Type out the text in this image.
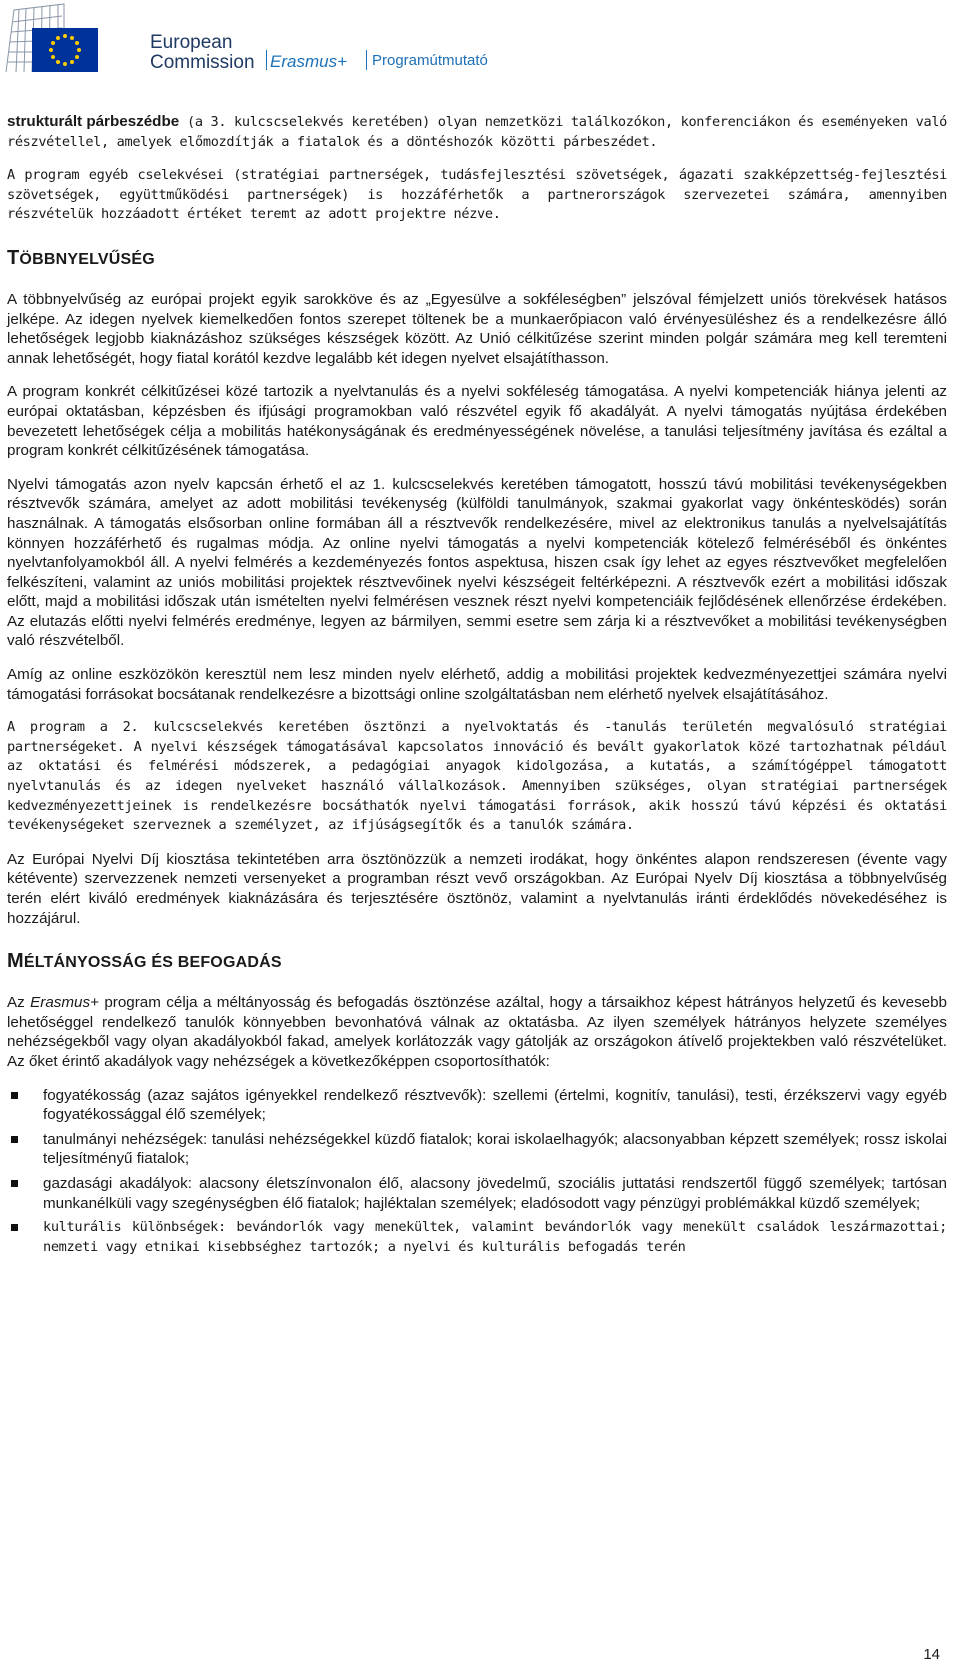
European
Commission Erasmus+ Programútmutató

strukturált párbeszédbe (a 3. kulcscselekvés keretében) olyan nemzetközi találkozókon, konferenciákon és eseményeken való részvétellel, amelyek előmozdítják a fiatalok és a döntéshozók közötti párbeszédet.

A program egyéb cselekvései (stratégiai partnerségek, tudásfejlesztési szövetségek, ágazati szakképzettség-fejlesztési szövetségek, együttműködési partnerségek) is hozzáférhetők a partnerországok szervezetei számára, amennyiben részvételük hozzáadott értéket teremt az adott projektre nézve.

TÖBBNYELVŰSÉG

A többnyelvűség az európai projekt egyik sarokköve és az „Egyesülve a sokféleségben” jelszóval fémjelzett uniós törekvések hatásos jelképe. Az idegen nyelvek kiemelkedően fontos szerepet töltenek be a munkaerőpiacon való érvényesüléshez és a rendelkezésre álló lehetőségek legjobb kiaknázáshoz szükséges készségek között. Az Unió célkitűzése szerint minden polgár számára meg kell teremteni annak lehetőségét, hogy fiatal korától kezdve legalább két idegen nyelvet elsajátíthasson.

A program konkrét célkitűzései közé tartozik a nyelvtanulás és a nyelvi sokféleség támogatása. A nyelvi kompetenciák hiánya jelenti az európai oktatásban, képzésben és ifjúsági programokban való részvétel egyik fő akadályát. A nyelvi támogatás nyújtása érdekében bevezetett lehetőségek célja a mobilitás hatékonyságának és eredményességének növelése, a tanulási teljesítmény javítása és ezáltal a program konkrét célkitűzésének támogatása.

Nyelvi támogatás azon nyelv kapcsán érhető el az 1. kulcscselekvés keretében támogatott, hosszú távú mobilitási tevékenységekben résztvevők számára, amelyet az adott mobilitási tevékenység (külföldi tanulmányok, szakmai gyakorlat vagy önkéntesködés) során használnak. A támogatás elsősorban online formában áll a résztvevők rendelkezésére, mivel az elektronikus tanulás a nyelvelsajátítás könnyen hozzáférhető és rugalmas módja. Az online nyelvi támogatás a nyelvi kompetenciák kötelező felméréséből és önkéntes nyelvtanfolyamokból áll. A nyelvi felmérés a kezdeményezés fontos aspektusa, hiszen csak így lehet az egyes résztvevőket megfelelően felkészíteni, valamint az uniós mobilitási projektek résztvevőinek nyelvi készségeit feltérképezni. A résztvevők ezért a mobilitási időszak előtt, majd a mobilitási időszak után ismételten nyelvi felmérésen vesznek részt nyelvi kompetenciáik fejlődésének ellenőrzése érdekében. Az elutazás előtti nyelvi felmérés eredménye, legyen az bármilyen, semmi esetre sem zárja ki a résztvevőket a mobilitási tevékenységben való részvételből.

Amíg az online eszközökön keresztül nem lesz minden nyelv elérhető, addig a mobilitási projektek kedvezményezettjei számára nyelvi támogatási forrásokat bocsátanak rendelkezésre a bizottsági online szolgáltatásban nem elérhető nyelvek elsajátításához.

A program a 2. kulcscselekvés keretében ösztönzi a nyelvoktatás és -tanulás területén megvalósuló stratégiai partnerségeket. A nyelvi készségek támogatásával kapcsolatos innováció és bevált gyakorlatok közé tartozhatnak például az oktatási és felmérési módszerek, a pedagógiai anyagok kidolgozása, a kutatás, a számítógéppel támogatott nyelvtanulás és az idegen nyelveket használó vállalkozások. Amennyiben szükséges, olyan stratégiai partnerségek kedvezményezettjeinek is rendelkezésre bocsáthatók nyelvi támogatási források, akik hosszú távú képzési és oktatási tevékenységeket szerveznek a személyzet, az ifjúságsegítők és a tanulók számára.

Az Európai Nyelvi Díj kiosztása tekintetében arra ösztönözzük a nemzeti irodákat, hogy önkéntes alapon rendszeresen (évente vagy kétévente) szervezzenek nemzeti versenyeket a programban részt vevő országokban. Az Európai Nyelv Díj kiosztása a többnyelvűség terén elért kiváló eredmények kiaknázására és terjesztésére ösztönöz, valamint a nyelvtanulás iránti érdeklődés növekedéséhez is hozzájárul.

MÉLTÁNYOSSÁG ÉS BEFOGADÁS

Az Erasmus+ program célja a méltányosság és befogadás ösztönzése azáltal, hogy a társaikhoz képest hátrányos helyzetű és kevesebb lehetőséggel rendelkező tanulók könnyebben bevonhatóvá válnak az oktatásba. Az ilyen személyek hátrányos helyzete személyes nehézségekből vagy olyan akadályokból fakad, amelyek korlátozzák vagy gátolják az országokon átívelő projektekben való részvételüket. Az őket érintő akadályok vagy nehézségek a következőképpen csoportosíthatók:

fogyatékosság (azaz sajátos igényekkel rendelkező résztvevők): szellemi (értelmi, kognitív, tanulási), testi, érzékszervi vagy egyéb fogyatékossággal élő személyek;
tanulmányi nehézségek: tanulási nehézségekkel küzdő fiatalok; korai iskolaelhagyók; alacsonyabban képzett személyek; rossz iskolai teljesítményű fiatalok;
gazdasági akadályok: alacsony életszínvonalon élő, alacsony jövedelmű, szociális juttatási rendszertől függő személyek; tartósan munkanélküli vagy szegénységben élő fiatalok; hajléktalan személyek; eladósodott vagy pénzügyi problémákkal küzdő személyek;
kulturális különbségek: bevándorlók vagy menekültek, valamint bevándorlók vagy menekült családok leszármazottai; nemzeti vagy etnikai kisebbséghez tartozók; a nyelvi és kulturális befogadás terén
14
